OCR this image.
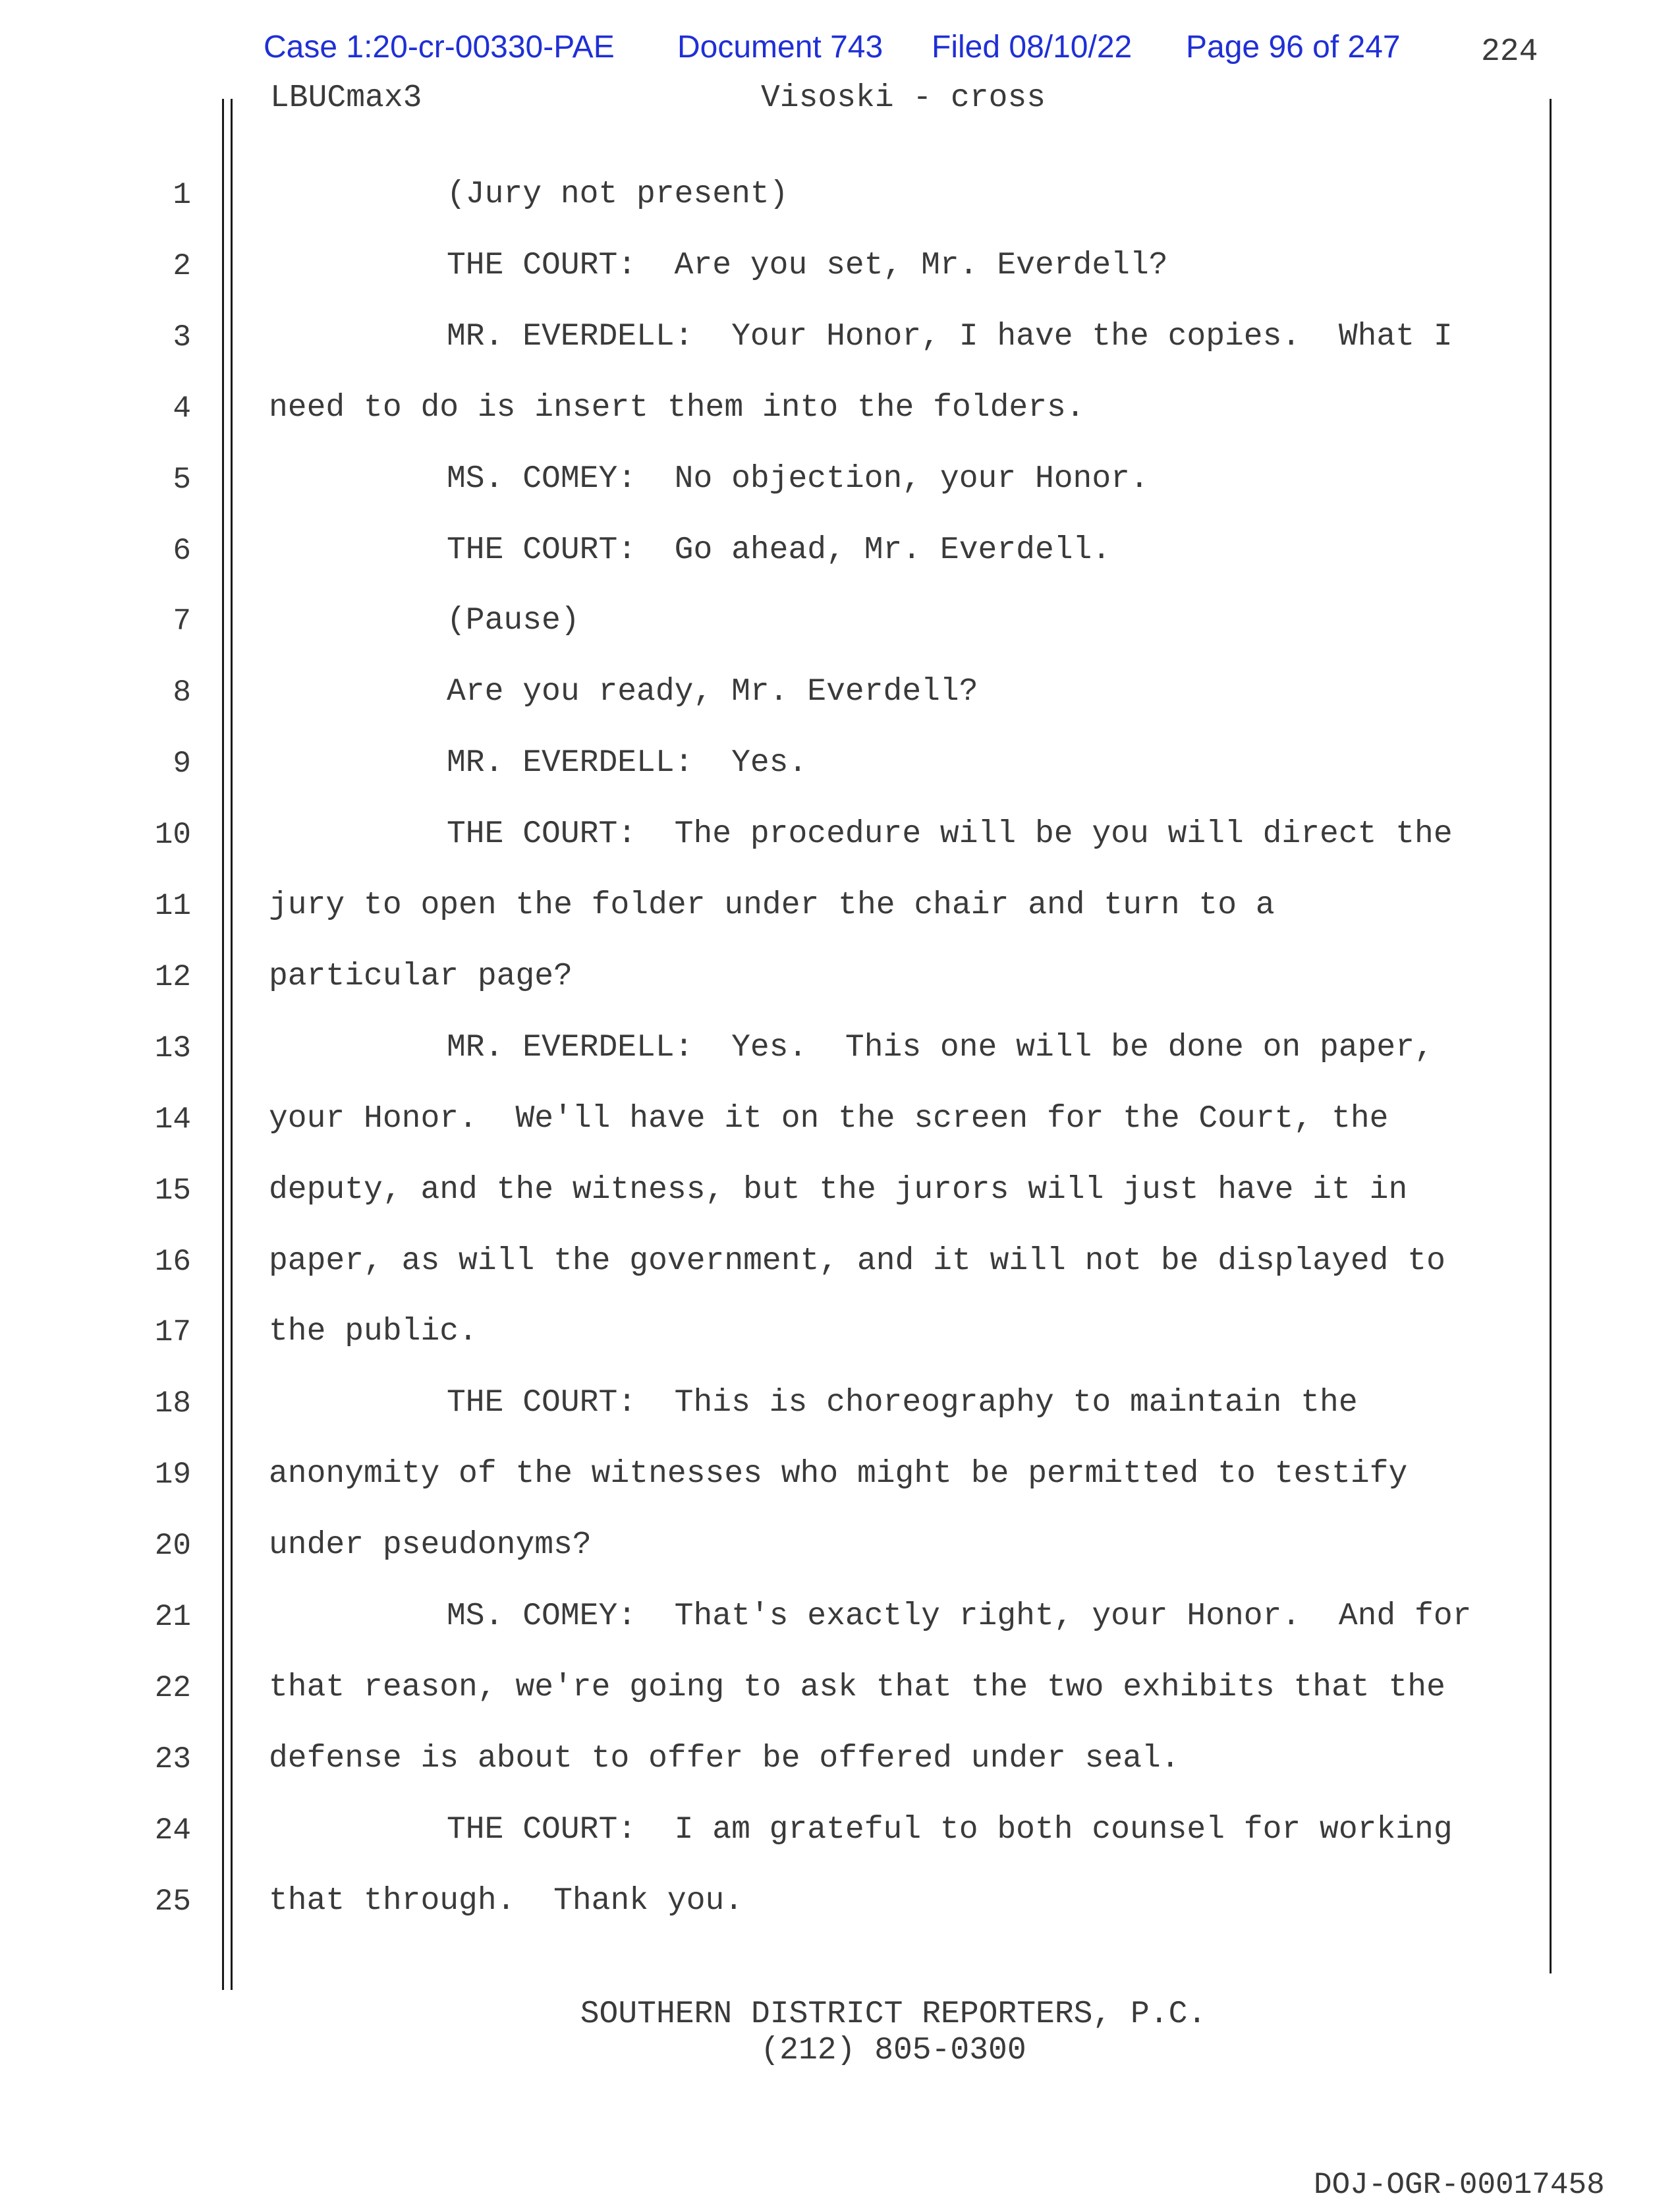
Case 1:20-cr-00330-PAE Document 743 Filed 08/10/22 Page 96 of 247	224
LBUCmax3	Visoski - cross
1	(Jury not present)
2	THE COURT:  Are you set, Mr. Everdell?
3	MR. EVERDELL:  Your Honor, I have the copies.  What I
4 need to do is insert them into the folders.
5	MS. COMEY:  No objection, your Honor.
6	THE COURT:  Go ahead, Mr. Everdell.
7	(Pause)
8	Are you ready, Mr. Everdell?
9	MR. EVERDELL:  Yes.
10	THE COURT:  The procedure will be you will direct the
11 jury to open the folder under the chair and turn to a
12 particular page?
13	MR. EVERDELL:  Yes.  This one will be done on paper,
14 your Honor.  We'll have it on the screen for the Court, the
15 deputy, and the witness, but the jurors will just have it in
16 paper, as will the government, and it will not be displayed to
17 the public.
18	THE COURT:  This is choreography to maintain the
19 anonymity of the witnesses who might be permitted to testify
20 under pseudonyms?
21	MS. COMEY:  That's exactly right, your Honor.  And for
22 that reason, we're going to ask that the two exhibits that the
23 defense is about to offer be offered under seal.
24	THE COURT:  I am grateful to both counsel for working
25 that through.  Thank you.
SOUTHERN DISTRICT REPORTERS, P.C.
(212) 805-0300
DOJ-OGR-00017458
